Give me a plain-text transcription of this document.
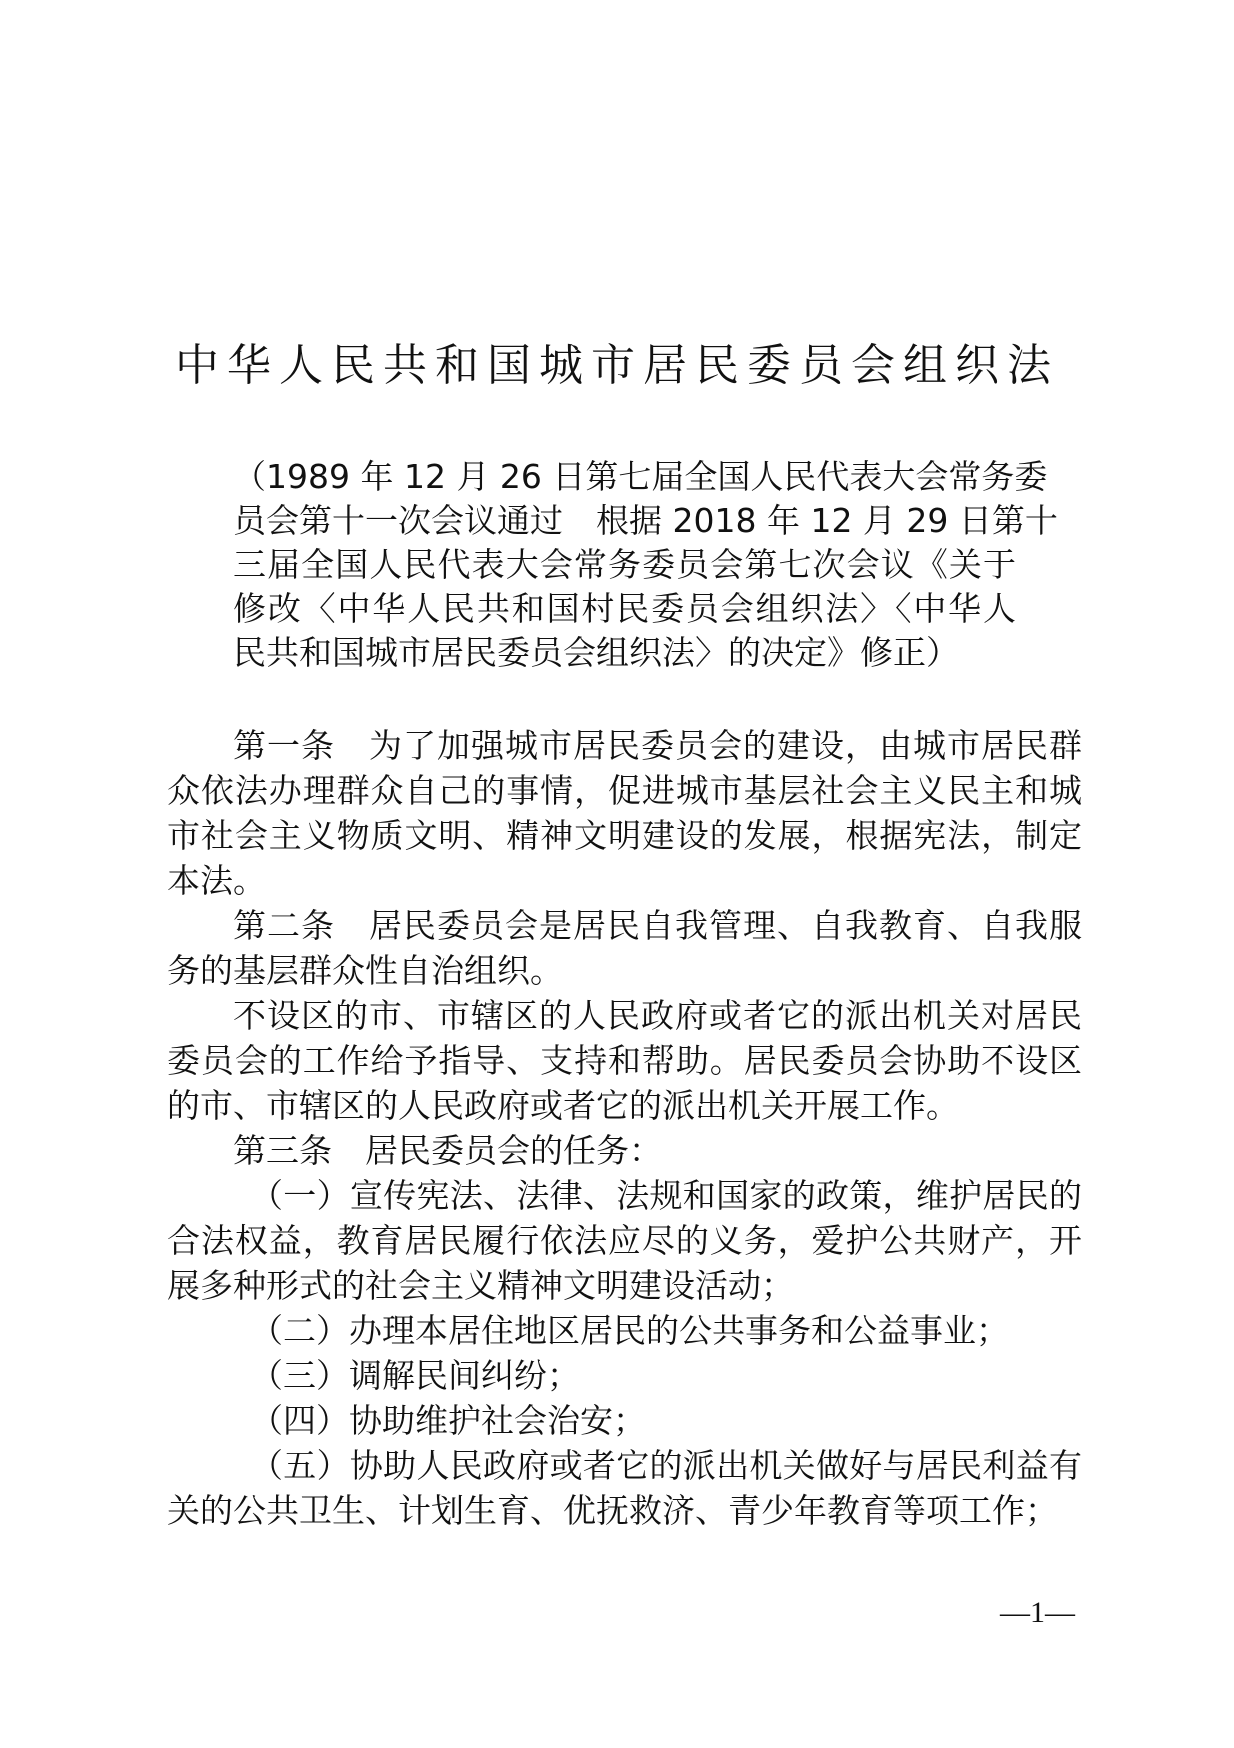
中华人民共和国城市居民委员会组织法
（1989 年 12 月 26 日第七届全国人民代表大会常务委
员会第十一次会议通过　根据 2018 年 12 月 29 日第十
三届全国人民代表大会常务委员会第七次会议《关于
修改〈中华人民共和国村民委员会组织法〉〈中华人
民共和国城市居民委员会组织法〉的决定》修正）
第一条　为了加强城市居民委员会的建设，由城市居民群
众依法办理群众自己的事情，促进城市基层社会主义民主和城
市社会主义物质文明、精神文明建设的发展，根据宪法，制定
本法。
第二条　居民委员会是居民自我管理、自我教育、自我服
务的基层群众性自治组织。
不设区的市、市辖区的人民政府或者它的派出机关对居民
委员会的工作给予指导、支持和帮助。居民委员会协助不设区
的市、市辖区的人民政府或者它的派出机关开展工作。
第三条　居民委员会的任务：
（一）宣传宪法、法律、法规和国家的政策，维护居民的
合法权益，教育居民履行依法应尽的义务，爱护公共财产，开
展多种形式的社会主义精神文明建设活动；
（二）办理本居住地区居民的公共事务和公益事业；
（三）调解民间纠纷；
（四）协助维护社会治安；
（五）协助人民政府或者它的派出机关做好与居民利益有
关的公共卫生、计划生育、优抚救济、青少年教育等项工作；
—1—
